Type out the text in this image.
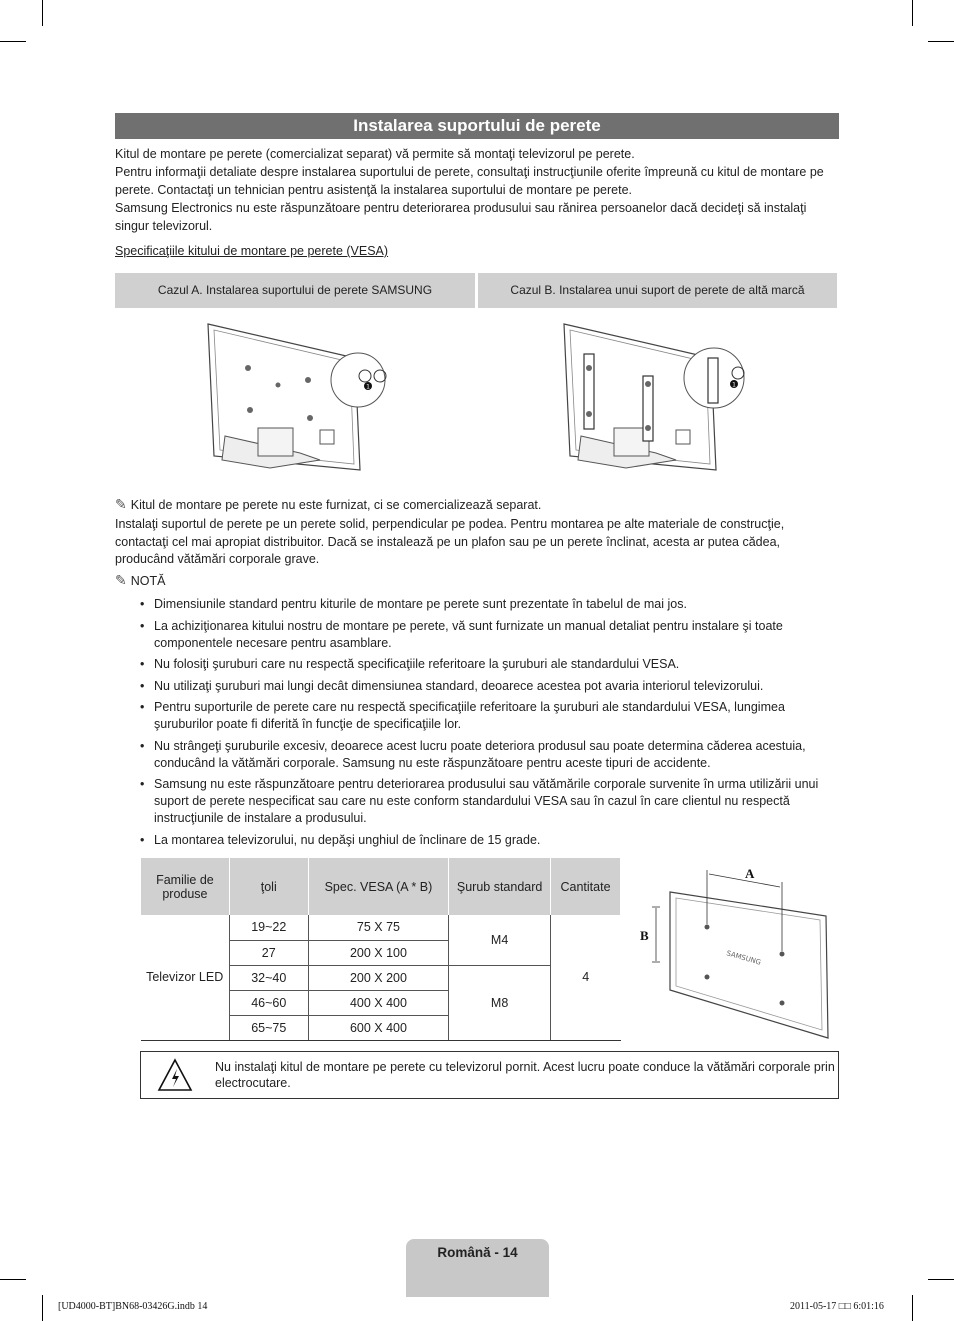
Instalarea suportului de perete
Kitul de montare pe perete (comercializat separat) vă permite să montaţi televizorul pe perete.
Pentru informaţii detaliate despre instalarea suportului de perete, consultaţi instrucţiunile oferite împreună cu kitul de montare pe perete. Contactaţi un tehnician pentru asistenţă la instalarea suportului de montare pe perete.
Samsung Electronics nu este răspunzătoare pentru deteriorarea produsului sau rănirea persoanelor dacă decideţi să instalaţi singur televizorul.
Specificaţiile kitului de montare pe perete (VESA)
Cazul A. Instalarea suportului de perete SAMSUNG	Cazul B. Instalarea unui suport de perete de altă marcă
1	1
✎ Kitul de montare pe perete nu este furnizat, ci se comercializează separat.
Instalaţi suportul de perete pe un perete solid, perpendicular pe podea. Pentru montarea pe alte materiale de construcţie, contactaţi cel mai apropiat distribuitor. Dacă se instalează pe un plafon sau pe un perete înclinat, acesta ar putea cădea, producând vătămări corporale grave.
✎ NOTĂ
• Dimensiunile standard pentru kiturile de montare pe perete sunt prezentate în tabelul de mai jos.
• La achiziţionarea kitului nostru de montare pe perete, vă sunt furnizate un manual detaliat pentru instalare şi toate componentele necesare pentru asamblare.
• Nu folosiţi şuruburi care nu respectă specificaţiile referitoare la şuruburi ale standardului VESA.
• Nu utilizaţi şuruburi mai lungi decât dimensiunea standard, deoarece acestea pot avaria interiorul televizorului.
• Pentru suporturile de perete care nu respectă specificaţiile referitoare la şuruburi ale standardului VESA, lungimea şuruburilor poate fi diferită în funcţie de specificaţiile lor.
• Nu strângeţi şuruburile excesiv, deoarece acest lucru poate deteriora produsul sau poate determina căderea acestuia, conducând la vătămări corporale. Samsung nu este răspunzătoare pentru aceste tipuri de accidente.
• Samsung nu este răspunzătoare pentru deteriorarea produsului sau vătămările corporale survenite în urma utilizării unui suport de perete nespecificat sau care nu este conform standardului VESA sau în cazul în care clientul nu respectă instrucţiunile de instalare a produsului.
• La montarea televizorului, nu depăşi unghiul de înclinare de 15 grade.
Familie de produse	ţoli	Spec. VESA (A * B)	Şurub standard	Cantitate
Televizor LED	19~22	75 X 75	M4	4
	27	200 X 100		
	32~40	200 X 200	M8	
	46~60	400 X 400		
	65~75	600 X 400		
A
B
SAMSUNG
Nu instalaţi kitul de montare pe perete cu televizorul pornit. Acest lucru poate conduce la vătămări corporale prin electrocutare.
Română - 14
[UD4000-BT]BN68-03426G.indb 14	2011-05-17 □□ 6:01:16
